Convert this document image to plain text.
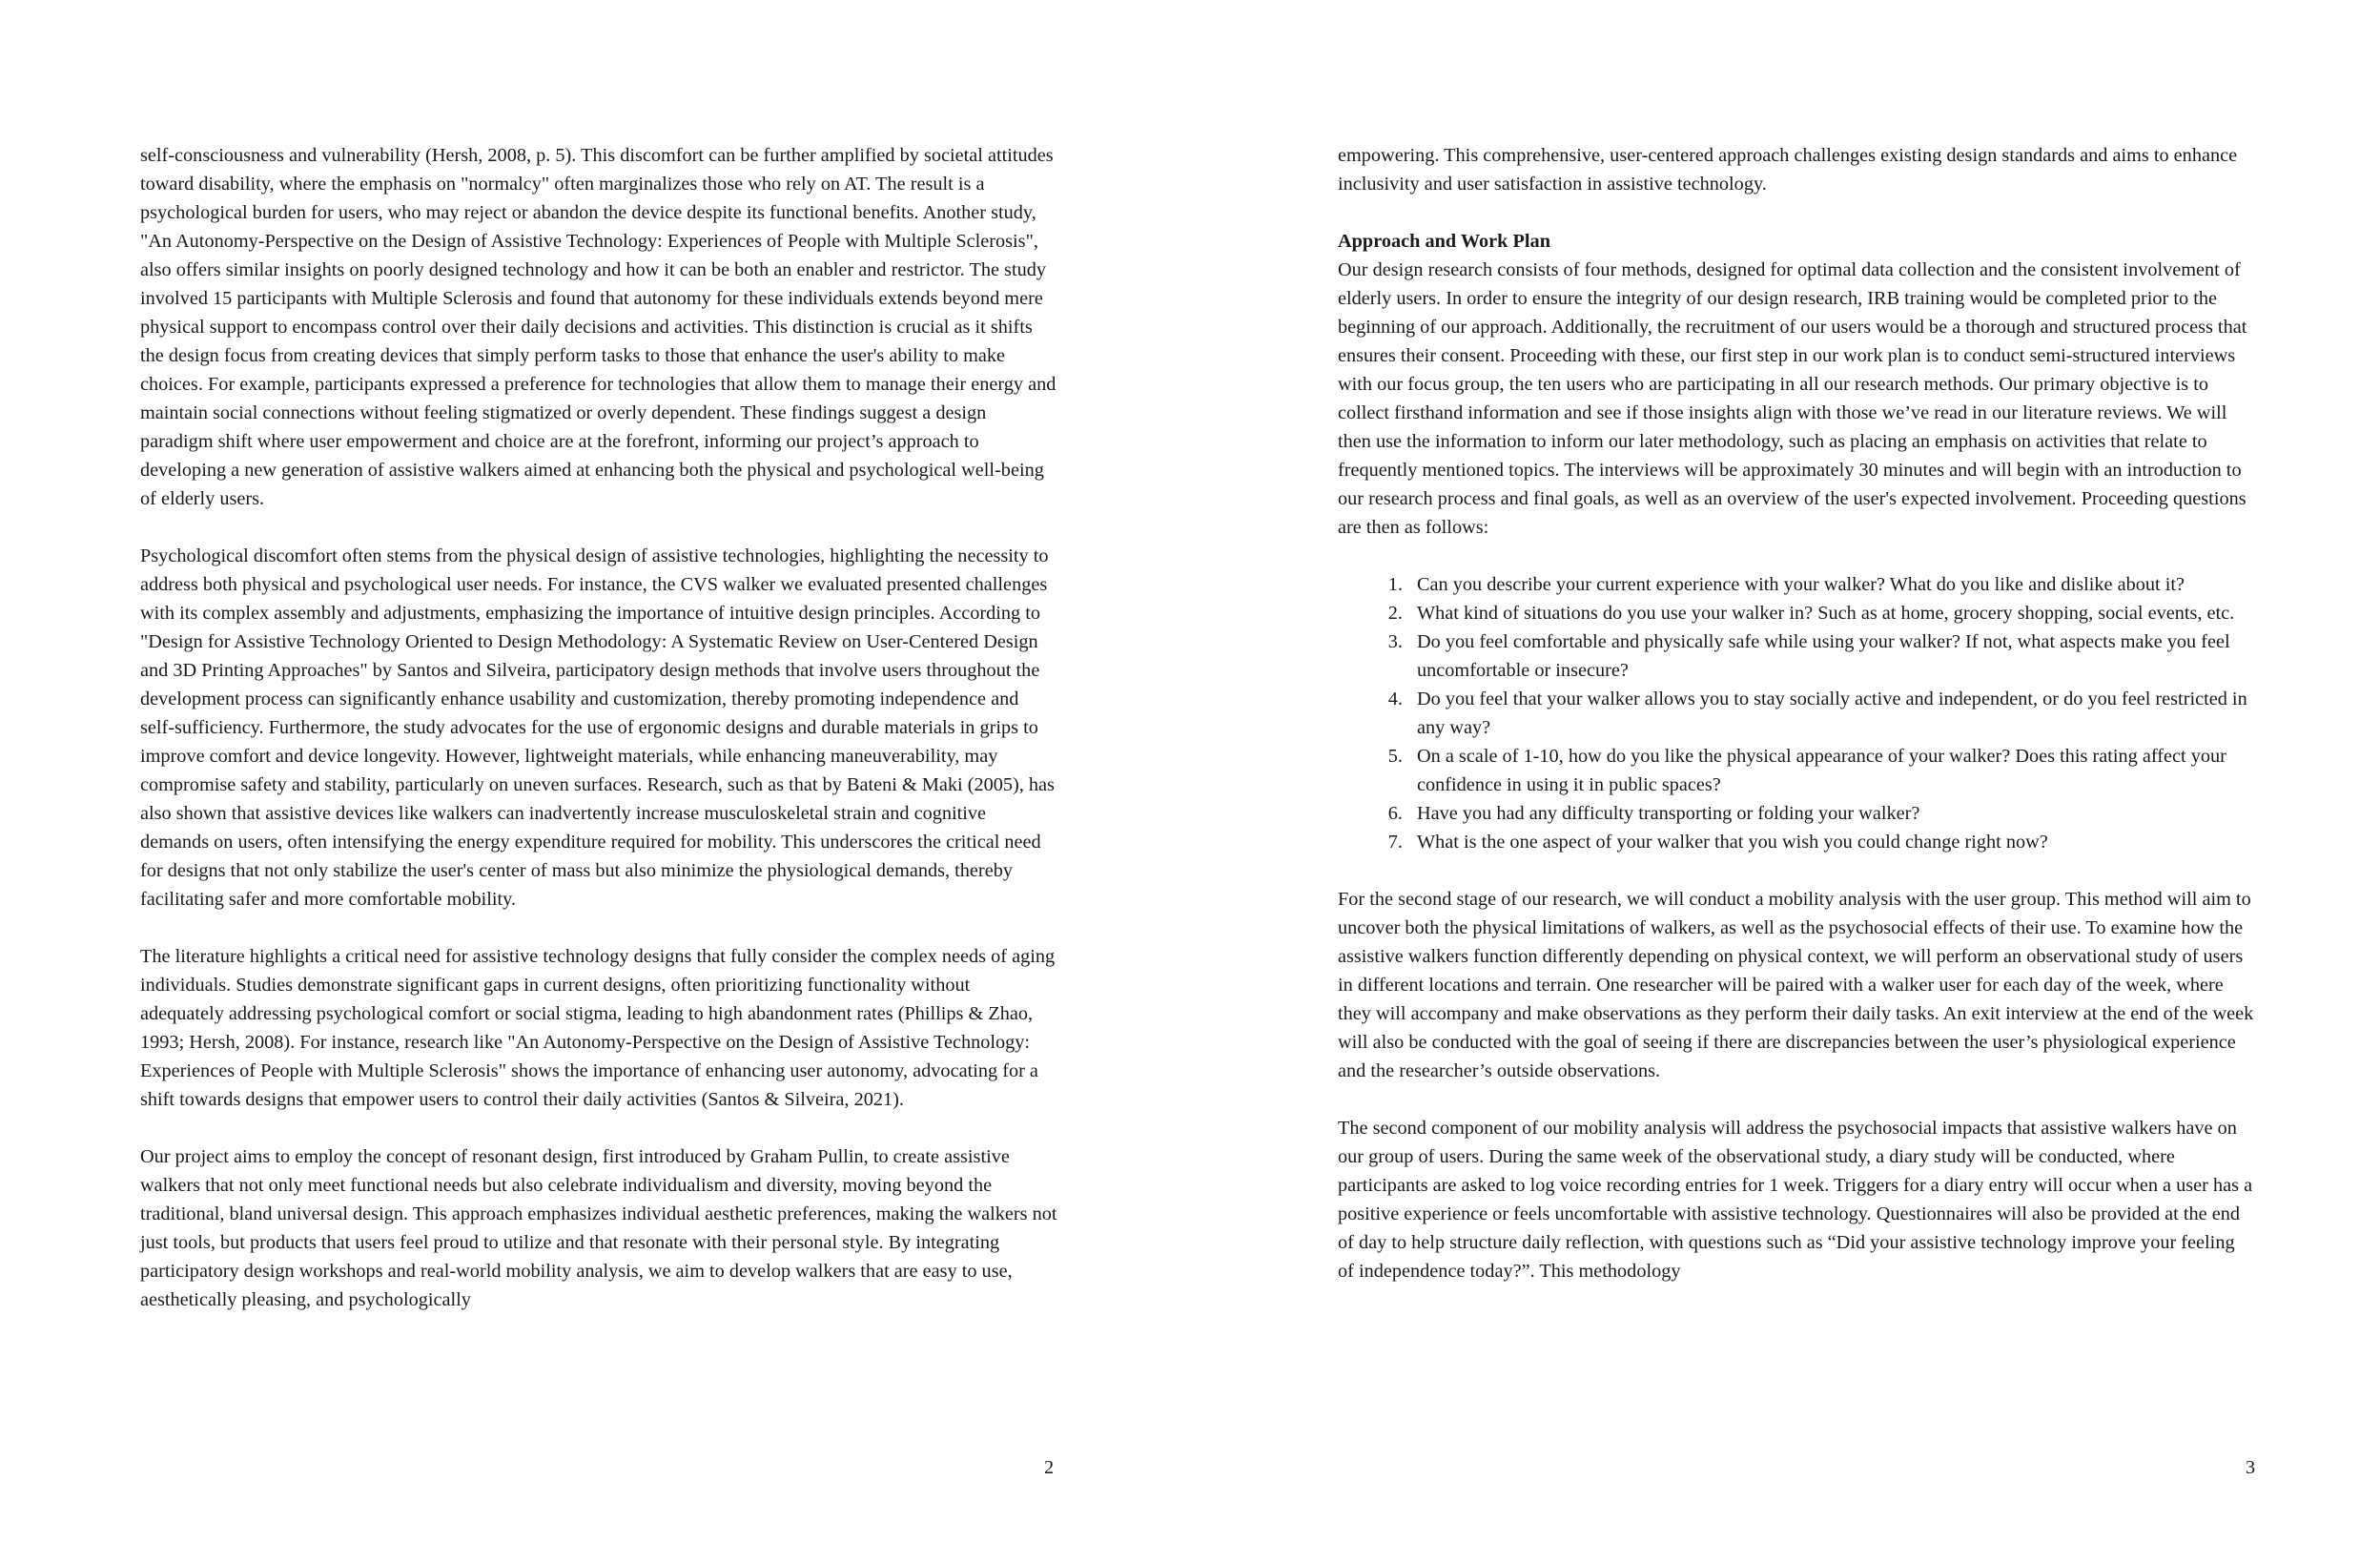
self-consciousness and vulnerability (Hersh, 2008, p. 5). This discomfort can be further amplified by societal attitudes toward disability, where the emphasis on "normalcy" often marginalizes those who rely on AT. The result is a psychological burden for users, who may reject or abandon the device despite its functional benefits. Another study, "An Autonomy-Perspective on the Design of Assistive Technology: Experiences of People with Multiple Sclerosis", also offers similar insights on poorly designed technology and how it can be both an enabler and restrictor. The study involved 15 participants with Multiple Sclerosis and found that autonomy for these individuals extends beyond mere physical support to encompass control over their daily decisions and activities. This distinction is crucial as it shifts the design focus from creating devices that simply perform tasks to those that enhance the user's ability to make choices. For example, participants expressed a preference for technologies that allow them to manage their energy and maintain social connections without feeling stigmatized or overly dependent. These findings suggest a design paradigm shift where user empowerment and choice are at the forefront, informing our project’s approach to developing a new generation of assistive walkers aimed at enhancing both the physical and psychological well-being of elderly users.

Psychological discomfort often stems from the physical design of assistive technologies, highlighting the necessity to address both physical and psychological user needs. For instance, the CVS walker we evaluated presented challenges with its complex assembly and adjustments, emphasizing the importance of intuitive design principles. According to "Design for Assistive Technology Oriented to Design Methodology: A Systematic Review on User-Centered Design and 3D Printing Approaches" by Santos and Silveira, participatory design methods that involve users throughout the development process can significantly enhance usability and customization, thereby promoting independence and self-sufficiency. Furthermore, the study advocates for the use of ergonomic designs and durable materials in grips to improve comfort and device longevity. However, lightweight materials, while enhancing maneuverability, may compromise safety and stability, particularly on uneven surfaces. Research, such as that by Bateni & Maki (2005), has also shown that assistive devices like walkers can inadvertently increase musculoskeletal strain and cognitive demands on users, often intensifying the energy expenditure required for mobility. This underscores the critical need for designs that not only stabilize the user's center of mass but also minimize the physiological demands, thereby facilitating safer and more comfortable mobility.

The literature highlights a critical need for assistive technology designs that fully consider the complex needs of aging individuals. Studies demonstrate significant gaps in current designs, often prioritizing functionality without adequately addressing psychological comfort or social stigma, leading to high abandonment rates (Phillips & Zhao, 1993; Hersh, 2008). For instance, research like "An Autonomy-Perspective on the Design of Assistive Technology: Experiences of People with Multiple Sclerosis" shows the importance of enhancing user autonomy, advocating for a shift towards designs that empower users to control their daily activities (Santos & Silveira, 2021).

Our project aims to employ the concept of resonant design, first introduced by Graham Pullin, to create assistive walkers that not only meet functional needs but also celebrate individualism and diversity, moving beyond the traditional, bland universal design. This approach emphasizes individual aesthetic preferences, making the walkers not just tools, but products that users feel proud to utilize and that resonate with their personal style. By integrating participatory design workshops and real-world mobility analysis, we aim to develop walkers that are easy to use, aesthetically pleasing, and psychologically

2

empowering. This comprehensive, user-centered approach challenges existing design standards and aims to enhance inclusivity and user satisfaction in assistive technology.

Approach and Work Plan

Our design research consists of four methods, designed for optimal data collection and the consistent involvement of elderly users. In order to ensure the integrity of our design research, IRB training would be completed prior to the beginning of our approach. Additionally, the recruitment of our users would be a thorough and structured process that ensures their consent. Proceeding with these, our first step in our work plan is to conduct semi-structured interviews with our focus group, the ten users who are participating in all our research methods. Our primary objective is to collect firsthand information and see if those insights align with those we’ve read in our literature reviews. We will then use the information to inform our later methodology, such as placing an emphasis on activities that relate to frequently mentioned topics. The interviews will be approximately 30 minutes and will begin with an introduction to our research process and final goals, as well as an overview of the user's expected involvement. Proceeding questions are then as follows:

1. Can you describe your current experience with your walker? What do you like and dislike about it?
2. What kind of situations do you use your walker in? Such as at home, grocery shopping, social events, etc.
3. Do you feel comfortable and physically safe while using your walker? If not, what aspects make you feel uncomfortable or insecure?
4. Do you feel that your walker allows you to stay socially active and independent, or do you feel restricted in any way?
5. On a scale of 1-10, how do you like the physical appearance of your walker? Does this rating affect your confidence in using it in public spaces?
6. Have you had any difficulty transporting or folding your walker?
7. What is the one aspect of your walker that you wish you could change right now?

For the second stage of our research, we will conduct a mobility analysis with the user group. This method will aim to uncover both the physical limitations of walkers, as well as the psychosocial effects of their use. To examine how the assistive walkers function differently depending on physical context, we will perform an observational study of users in different locations and terrain. One researcher will be paired with a walker user for each day of the week, where they will accompany and make observations as they perform their daily tasks. An exit interview at the end of the week will also be conducted with the goal of seeing if there are discrepancies between the user’s physiological experience and the researcher’s outside observations.

The second component of our mobility analysis will address the psychosocial impacts that assistive walkers have on our group of users. During the same week of the observational study, a diary study will be conducted, where participants are asked to log voice recording entries for 1 week. Triggers for a diary entry will occur when a user has a positive experience or feels uncomfortable with assistive technology. Questionnaires will also be provided at the end of day to help structure daily reflection, with questions such as “Did your assistive technology improve your feeling of independence today?”. This methodology

3
